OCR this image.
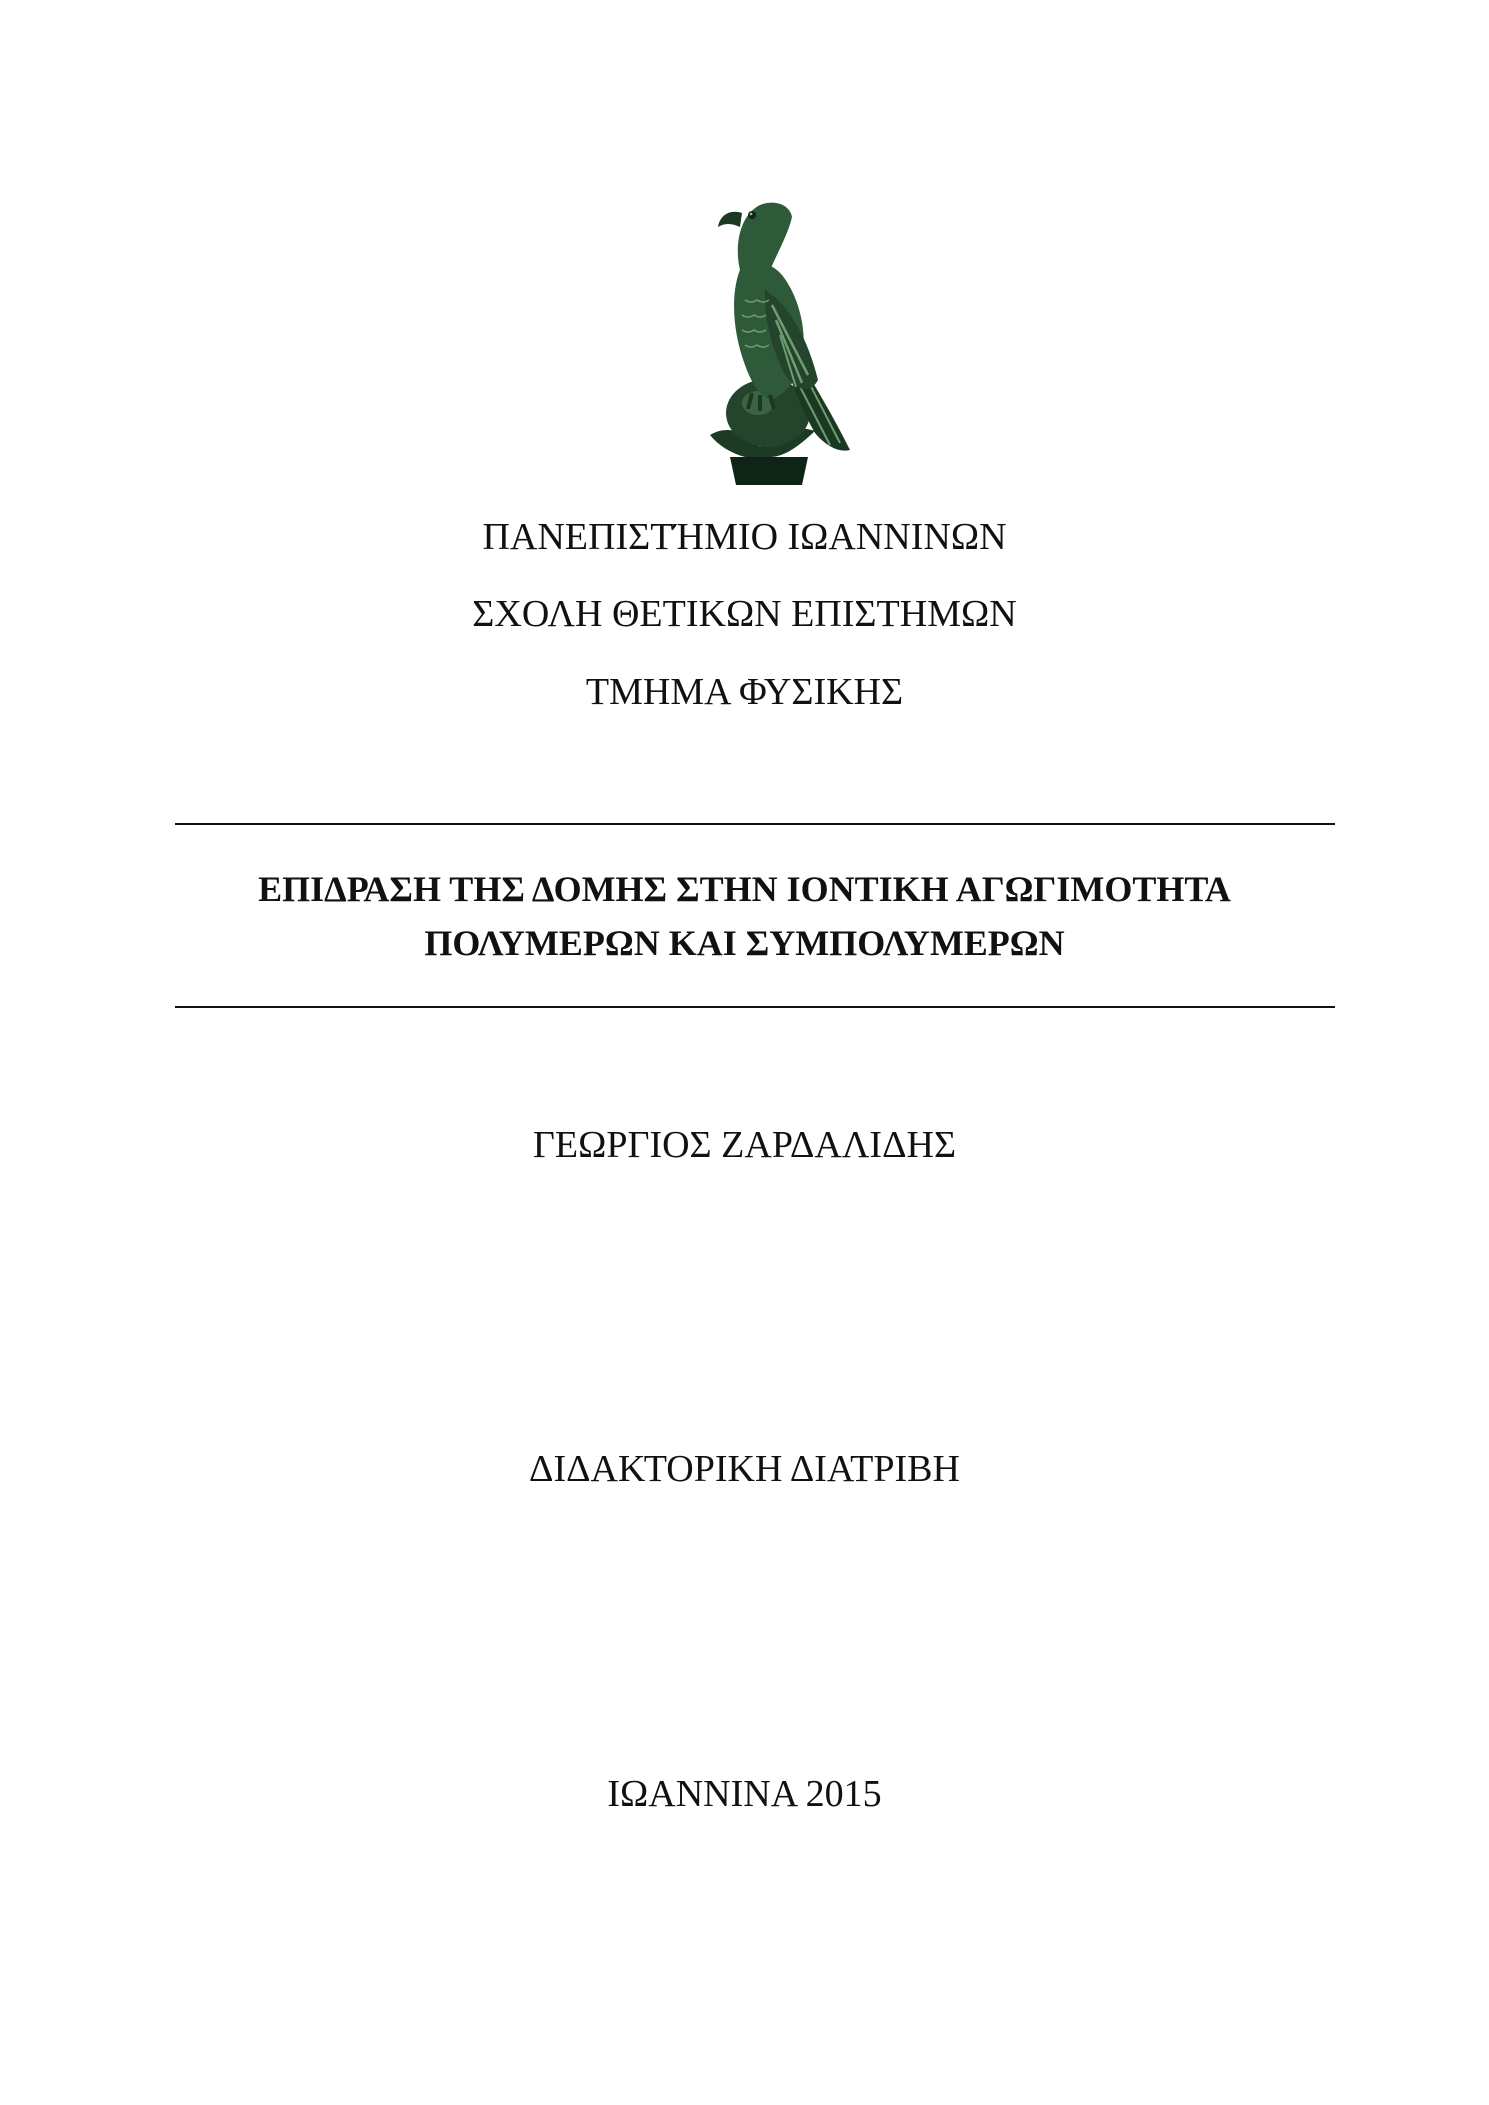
ΠΑΝΕΠΙΣΤΉΜΙΟ ΙΩΑΝΝΙΝΩΝ
ΣΧΟΛΗ ΘΕΤΙΚΩΝ ΕΠΙΣΤΗΜΩΝ
ΤΜΗΜΑ ΦΥΣΙΚΗΣ
ΕΠΙΔΡΑΣΗ ΤΗΣ ΔΟΜΗΣ ΣΤΗΝ ΙΟΝΤΙΚΗ ΑΓΩΓΙΜΟΤΗΤΑ
ΠΟΛΥΜΕΡΩΝ ΚΑΙ ΣΥΜΠΟΛΥΜΕΡΩΝ
ΓΕΩΡΓΙΟΣ ΖΑΡΔΑΛΙΔΗΣ
ΔΙΔΑΚΤΟΡΙΚΗ ΔΙΑΤΡΙΒΗ
ΙΩΑΝΝΙΝΑ 2015
